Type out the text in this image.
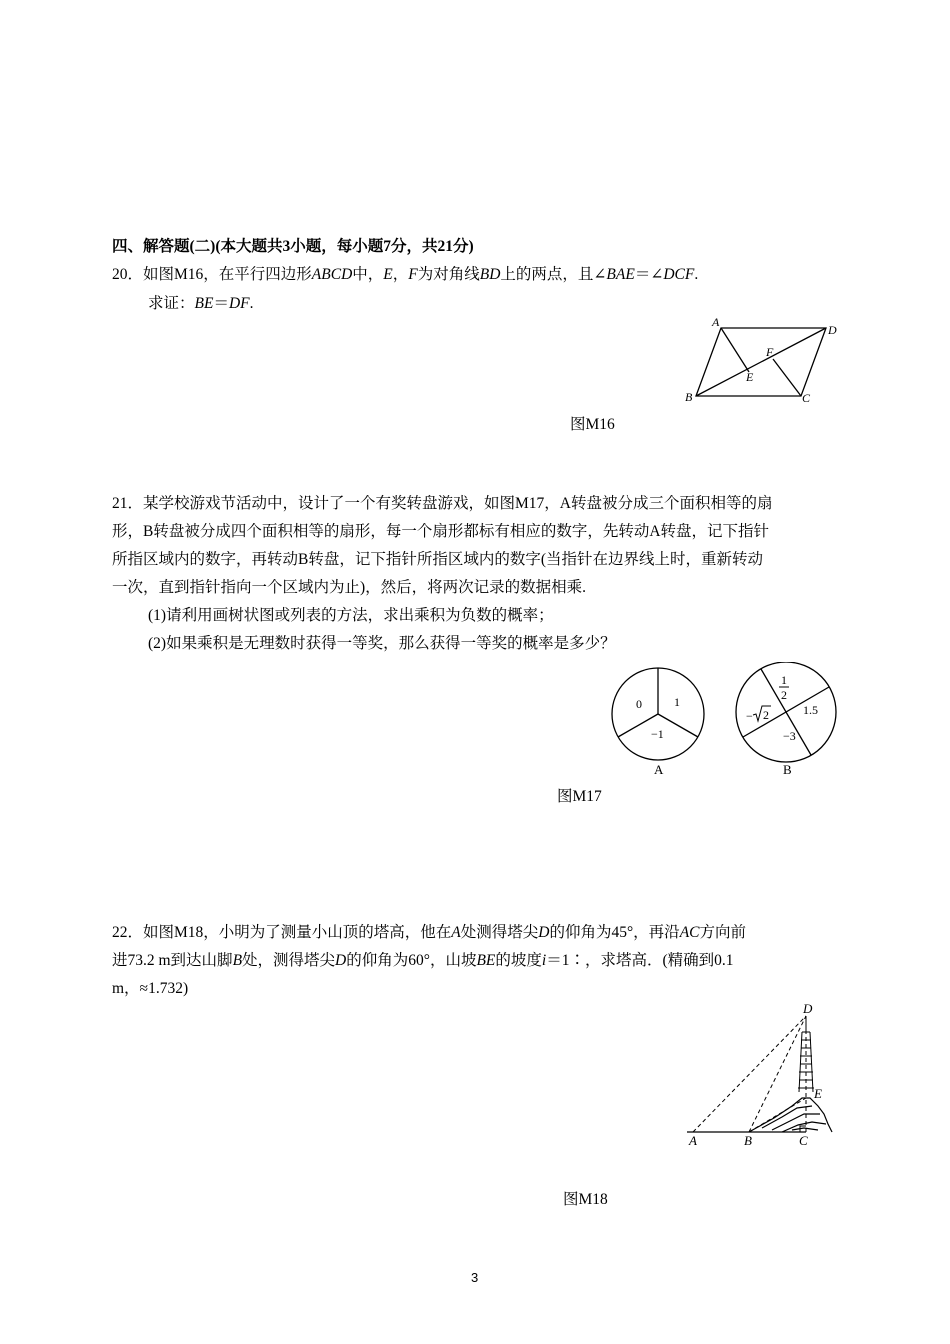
四、解答题(二)(本大题共3小题，每小题7分，共21分)
20．如图M16，在平行四边形ABCD中，E，F为对角线BD上的两点，且∠BAE＝∠DCF.
求证：BE＝DF.
A
D
F
E
B	C
图M16
21．某学校游戏节活动中，设计了一个有奖转盘游戏，如图M17，A转盘被分成三个面积相等的扇
形，B转盘被分成四个面积相等的扇形，每一个扇形都标有相应的数字，先转动A转盘，记下指针
所指区域内的数字，再转动B转盘，记下指针所指区域内的数字(当指针在边界线上时，重新转动
一次，直到指针指向一个区域内为止)，然后，将两次记录的数据相乘.
(1)请利用画树状图或列表的方法，求出乘积为负数的概率；
(2)如果乘积是无理数时获得一等奖，那么获得一等奖的概率是多少？
0	1
−1
A
1
2
1.5
−3
− 2
B
图M17
22．如图M18，小明为了测量小山顶的塔高，他在A处测得塔尖D的仰角为45°，再沿AC方向前
进73.2 m到达山脚B处，测得塔尖D的仰角为60°，山坡BE的坡度i＝1∶，求塔高．(精确到0.1
m，≈1.732)
D
E
A	B	C
图M18
3
